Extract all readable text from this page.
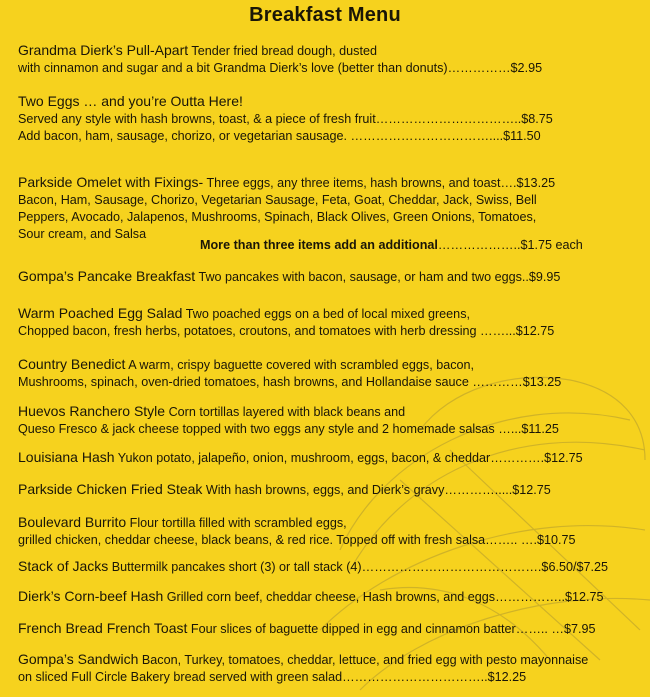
Breakfast Menu
Grandma Dierk’s Pull-Apart Tender fried bread dough, dusted
with cinnamon and sugar and a bit Grandma Dierk’s love (better than donuts)……………$2.95
Two Eggs … and you’re Outta Here!
Served any style with hash browns, toast, & a piece of fresh fruit……………………………..$8.75
Add bacon, ham, sausage, chorizo, or vegetarian sausage. ……………………………....$11.50
Parkside Omelet with Fixings- Three eggs, any three items, hash browns, and toast….$13.25
Bacon, Ham, Sausage, Chorizo, Vegetarian Sausage, Feta, Goat, Cheddar, Jack, Swiss, Bell
Peppers, Avocado, Jalapenos, Mushrooms, Spinach, Black Olives, Green Onions, Tomatoes,
Sour cream, and Salsa
More than three items add an additional………………..$1.75 each
Gompa’s Pancake Breakfast Two pancakes with bacon, sausage, or ham and two eggs..$9.95
Warm Poached Egg Salad Two poached eggs on a bed of local mixed greens,
Chopped bacon, fresh herbs, potatoes, croutons, and tomatoes with herb dressing ……...$12.75
Country Benedict A warm, crispy baguette covered with scrambled eggs, bacon,
Mushrooms, spinach, oven-dried tomatoes, hash browns, and Hollandaise sauce …………$13.25
Huevos Ranchero Style Corn tortillas layered with black beans and
Queso Fresco & jack cheese topped with two eggs any style and 2 homemade salsas …...$11.25
Louisiana Hash Yukon potato, jalapeño, onion, mushroom, eggs, bacon, & cheddar………….$12.75
Parkside Chicken Fried Steak With hash browns, eggs, and Dierk’s gravy………….....$12.75
Boulevard Burrito Flour tortilla filled with scrambled eggs,
grilled chicken, cheddar cheese, black beans, & red rice. Topped off with fresh salsa…….. ….$10.75
Stack of Jacks Buttermilk pancakes short (3) or tall stack (4)…………………………………….$6.50/$7.25
Dierk’s Corn-beef Hash Grilled corn beef, cheddar cheese, Hash browns, and eggs……………..$12.75
French Bread French Toast Four slices of baguette dipped in egg and cinnamon batter…….. …$7.95
Gompa’s Sandwich Bacon, Turkey, tomatoes, cheddar, lettuce, and fried egg with pesto mayonnaise
on sliced Full Circle Bakery bread served with green salad……………………………..$12.25
